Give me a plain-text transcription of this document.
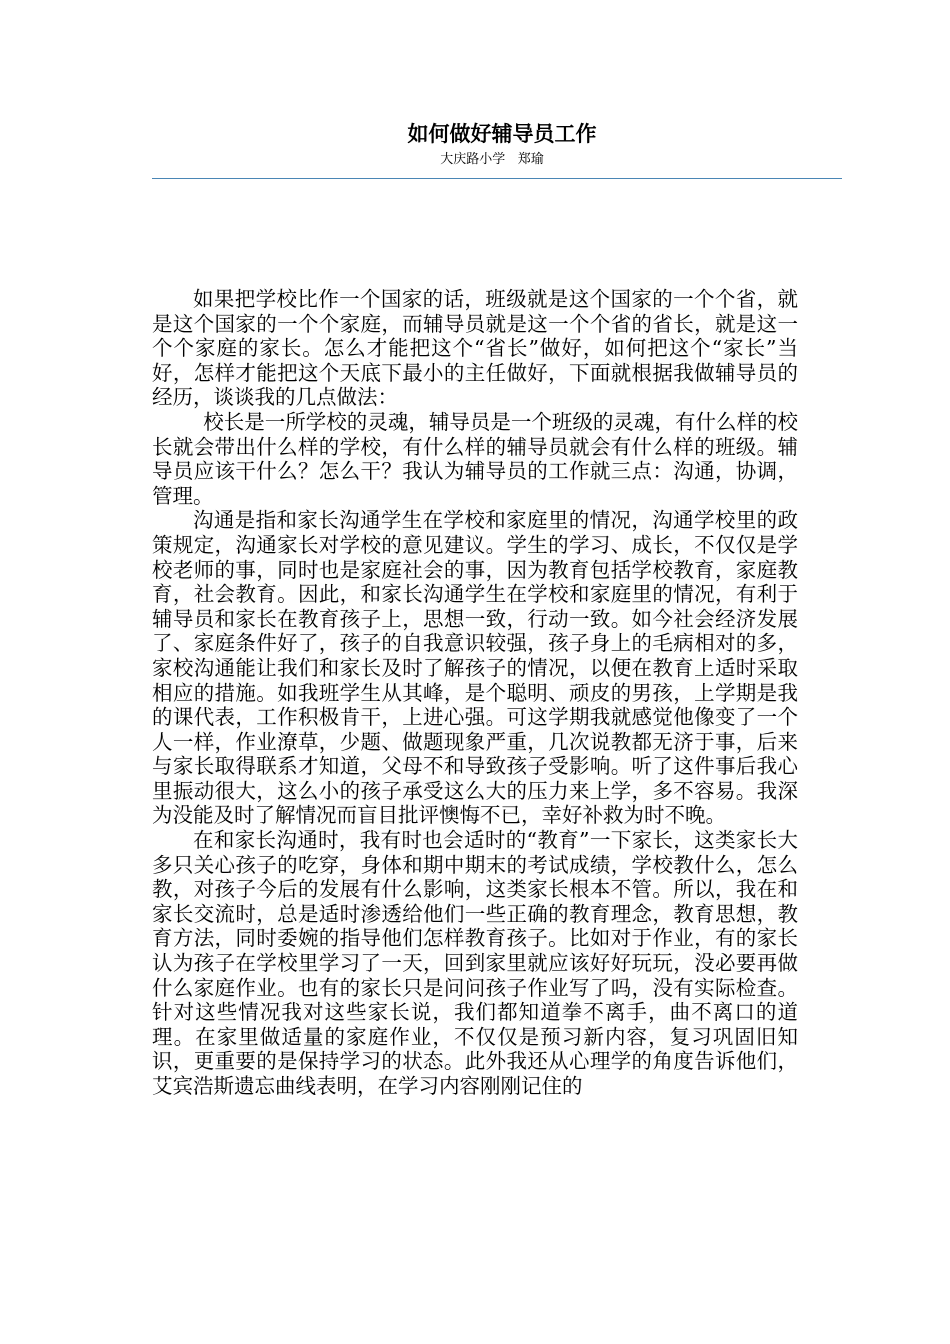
如何做好辅导员工作

大庆路小学   郑瑜

如果把学校比作一个国家的话，班级就是这个国家的一个个省，就是这个国家的一个个家庭，而辅导员就是这一个个省的省长，就是这一个个家庭的家长。怎么才能把这个“省长”做好，如何把这个“家长”当好，怎样才能把这个天底下最小的主任做好，下面就根据我做辅导员的经历，谈谈我的几点做法：

校长是一所学校的灵魂，辅导员是一个班级的灵魂，有什么样的校长就会带出什么样的学校，有什么样的辅导员就会有什么样的班级。辅导员应该干什么？怎么干？我认为辅导员的工作就三点：沟通，协调，管理。

沟通是指和家长沟通学生在学校和家庭里的情况，沟通学校里的政策规定，沟通家长对学校的意见建议。学生的学习、成长，不仅仅是学校老师的事，同时也是家庭社会的事，因为教育包括学校教育，家庭教育，社会教育。因此，和家长沟通学生在学校和家庭里的情况，有利于辅导员和家长在教育孩子上，思想一致，行动一致。如今社会经济发展了、家庭条件好了，孩子的自我意识较强，孩子身上的毛病相对的多，家校沟通能让我们和家长及时了解孩子的情况，以便在教育上适时采取相应的措施。如我班学生从其峰，是个聪明、顽皮的男孩，上学期是我的课代表，工作积极肯干，上进心强。可这学期我就感觉他像变了一个人一样，作业潦草，少题、做题现象严重，几次说教都无济于事，后来与家长取得联系才知道，父母不和导致孩子受影响。听了这件事后我心里振动很大，这么小的孩子承受这么大的压力来上学，多不容易。我深为没能及时了解情况而盲目批评懊悔不已，幸好补救为时不晚。

在和家长沟通时，我有时也会适时的“教育”一下家长，这类家长大多只关心孩子的吃穿，身体和期中期末的考试成绩，学校教什么，怎么教，对孩子今后的发展有什么影响，这类家长根本不管。所以，我在和家长交流时，总是适时渗透给他们一些正确的教育理念，教育思想，教育方法，同时委婉的指导他们怎样教育孩子。比如对于作业，有的家长认为孩子在学校里学习了一天，回到家里就应该好好玩玩，没必要再做什么家庭作业。也有的家长只是问问孩子作业写了吗，没有实际检查。针对这些情况我对这些家长说，我们都知道拳不离手，曲不离口的道理。在家里做适量的家庭作业，不仅仅是预习新内容，复习巩固旧知识，更重要的是保持学习的状态。此外我还从心理学的角度告诉他们，艾宾浩斯遗忘曲线表明，在学习内容刚刚记住的
